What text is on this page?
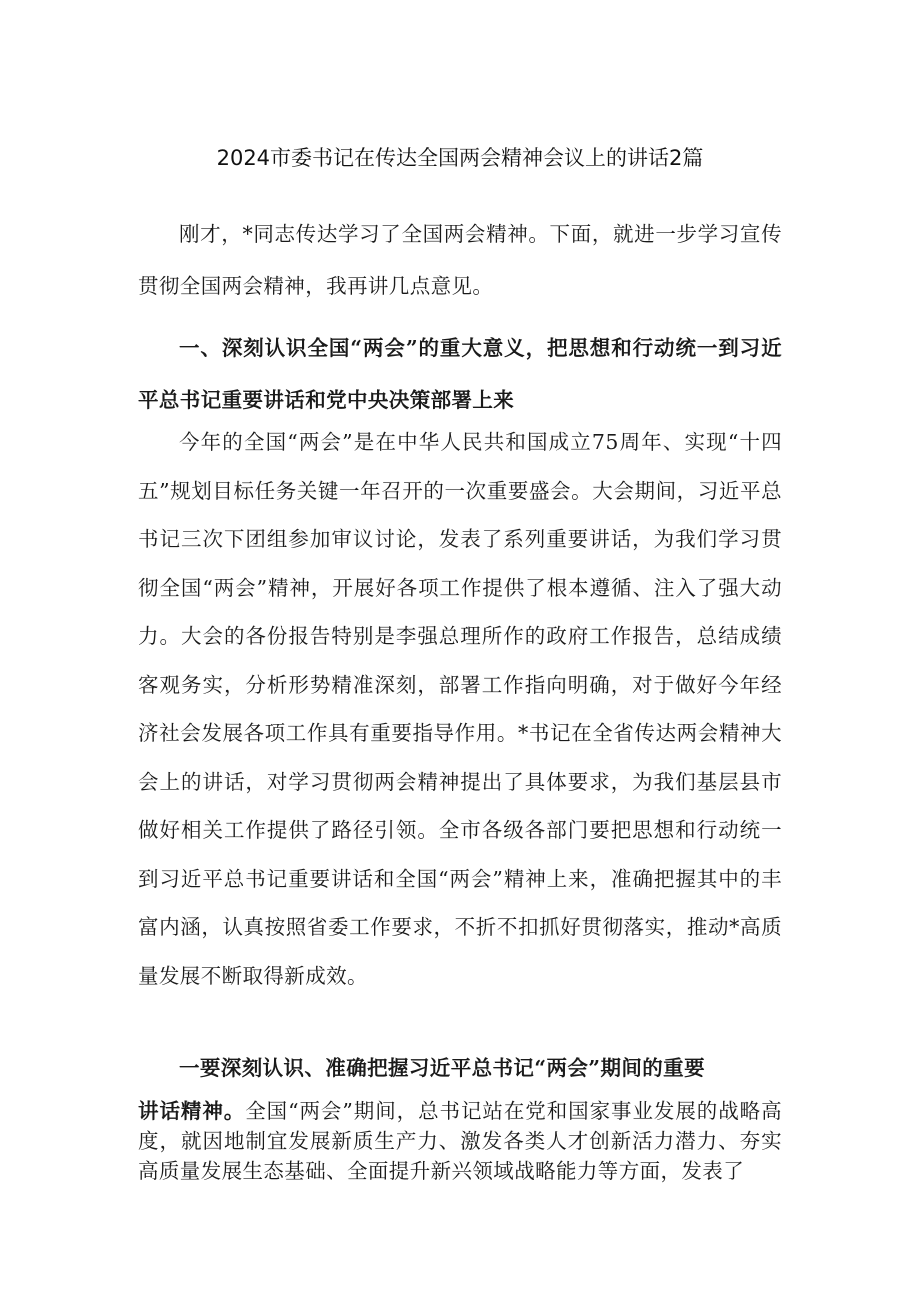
2024市委书记在传达全国两会精神会议上的讲话2篇
刚才，*同志传达学习了全国两会精神。下面，就进一步学习宣传贯彻全国两会精神，我再讲几点意见。
一、深刻认识全国“两会”的重大意义，把思想和行动统一到习近平总书记重要讲话和党中央决策部署上来
今年的全国“两会”是在中华人民共和国成立75周年、实现“十四五”规划目标任务关键一年召开的一次重要盛会。大会期间，习近平总书记三次下团组参加审议讨论，发表了系列重要讲话，为我们学习贯彻全国“两会”精神，开展好各项工作提供了根本遵循、注入了强大动力。大会的各份报告特别是李强总理所作的政府工作报告，总结成绩客观务实，分析形势精准深刻，部署工作指向明确，对于做好今年经济社会发展各项工作具有重要指导作用。*书记在全省传达两会精神大会上的讲话，对学习贯彻两会精神提出了具体要求，为我们基层县市做好相关工作提供了路径引领。全市各级各部门要把思想和行动统一到习近平总书记重要讲话和全国“两会”精神上来，准确把握其中的丰富内涵，认真按照省委工作要求，不折不扣抓好贯彻落实，推动*高质量发展不断取得新成效。
一要深刻认识、准确把握习近平总书记“两会”期间的重要
讲话精神。全国“两会”期间，总书记站在党和国家事业发展的战略高度，就因地制宜发展新质生产力、激发各类人才创新活力潜力、夯实高质量发展生态基础、全面提升新兴领域战略能力等方面，发表了
